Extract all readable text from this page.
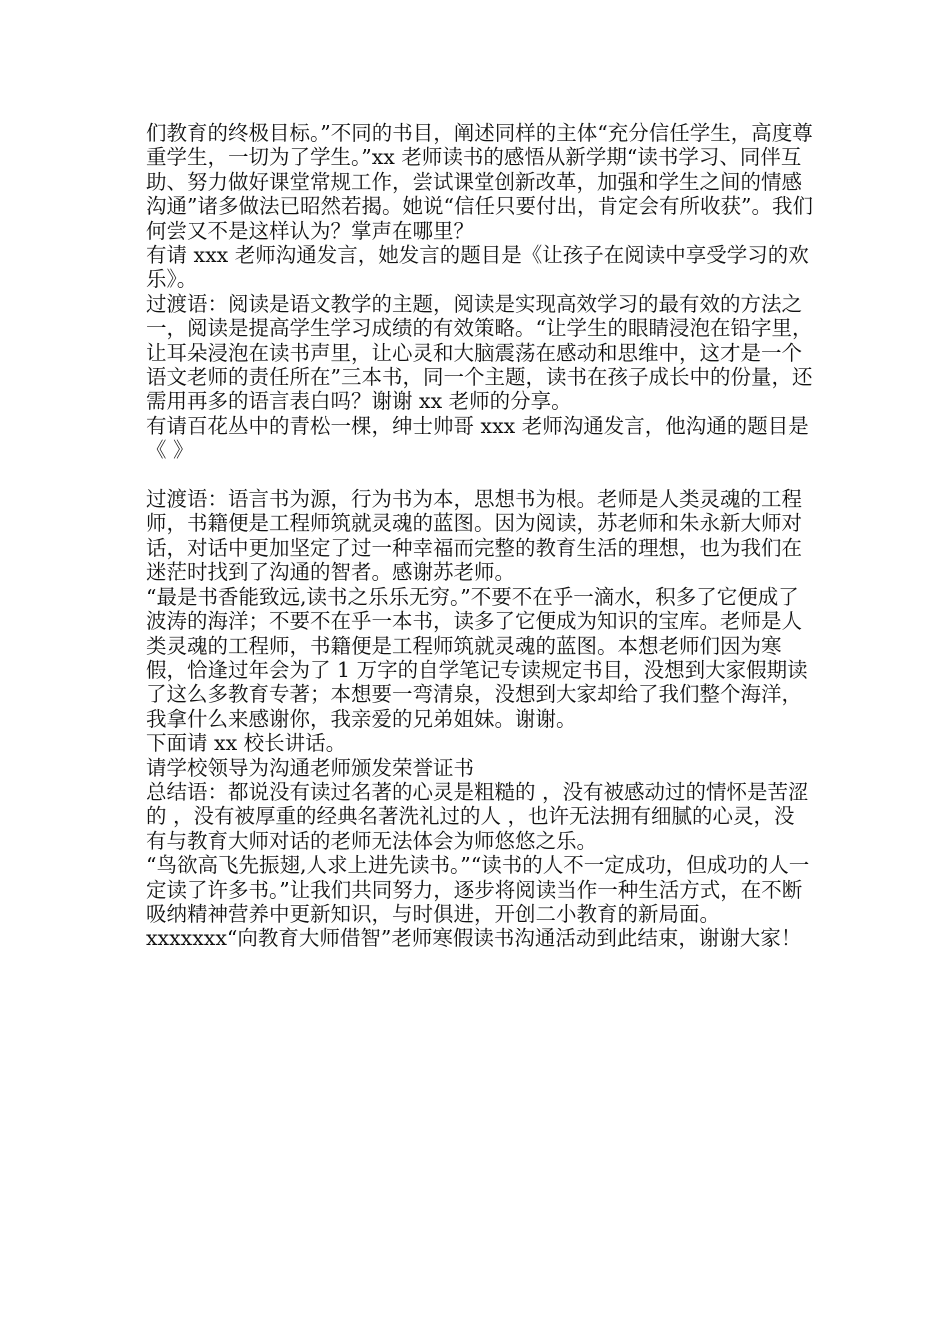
们教育的终极目标。”不同的书目，阐述同样的主体“充分信任学生，高度尊重学生，一切为了学生。”xx 老师读书的感悟从新学期“读书学习、同伴互助、努力做好课堂常规工作，尝试课堂创新改革，加强和学生之间的情感沟通”诸多做法已昭然若揭。她说“信任只要付出，肯定会有所收获”。我们何尝又不是这样认为？掌声在哪里？

有请 xxx 老师沟通发言，她发言的题目是《让孩子在阅读中享受学习的欢乐》。

过渡语：阅读是语文教学的主题，阅读是实现高效学习的最有效的方法之一，阅读是提高学生学习成绩的有效策略。“让学生的眼睛浸泡在铅字里，让耳朵浸泡在读书声里，让心灵和大脑震荡在感动和思维中，这才是一个语文老师的责任所在”三本书，同一个主题，读书在孩子成长中的份量，还需用再多的语言表白吗？谢谢 xx 老师的分享。

有请百花丛中的青松一棵，绅士帅哥 xxx 老师沟通发言，他沟通的题目是《 》

过渡语：语言书为源，行为书为本，思想书为根。老师是人类灵魂的工程师，书籍便是工程师筑就灵魂的蓝图。因为阅读，苏老师和朱永新大师对话，对话中更加坚定了过一种幸福而完整的教育生活的理想，也为我们在迷茫时找到了沟通的智者。感谢苏老师。

“最是书香能致远,读书之乐乐无穷。”不要不在乎一滴水，积多了它便成了波涛的海洋；不要不在乎一本书，读多了它便成为知识的宝库。老师是人类灵魂的工程师，书籍便是工程师筑就灵魂的蓝图。本想老师们因为寒假，恰逢过年会为了 1 万字的自学笔记专读规定书目，没想到大家假期读了这么多教育专著；本想要一弯清泉，没想到大家却给了我们整个海洋，我拿什么来感谢你，我亲爱的兄弟姐妹。谢谢。

下面请 xx 校长讲话。

请学校领导为沟通老师颁发荣誉证书

总结语：都说没有读过名著的心灵是粗糙的 ，没有被感动过的情怀是苦涩的 ，没有被厚重的经典名著洗礼过的人 ，也许无法拥有细腻的心灵，没有与教育大师对话的老师无法体会为师悠悠之乐。

“鸟欲高飞先振翅,人求上进先读书。”“读书的人不一定成功，但成功的人一定读了许多书。”让我们共同努力，逐步将阅读当作一种生活方式，在不断吸纳精神营养中更新知识，与时俱进，开创二小教育的新局面。

xxxxxxx“向教育大师借智”老师寒假读书沟通活动到此结束，谢谢大家！
